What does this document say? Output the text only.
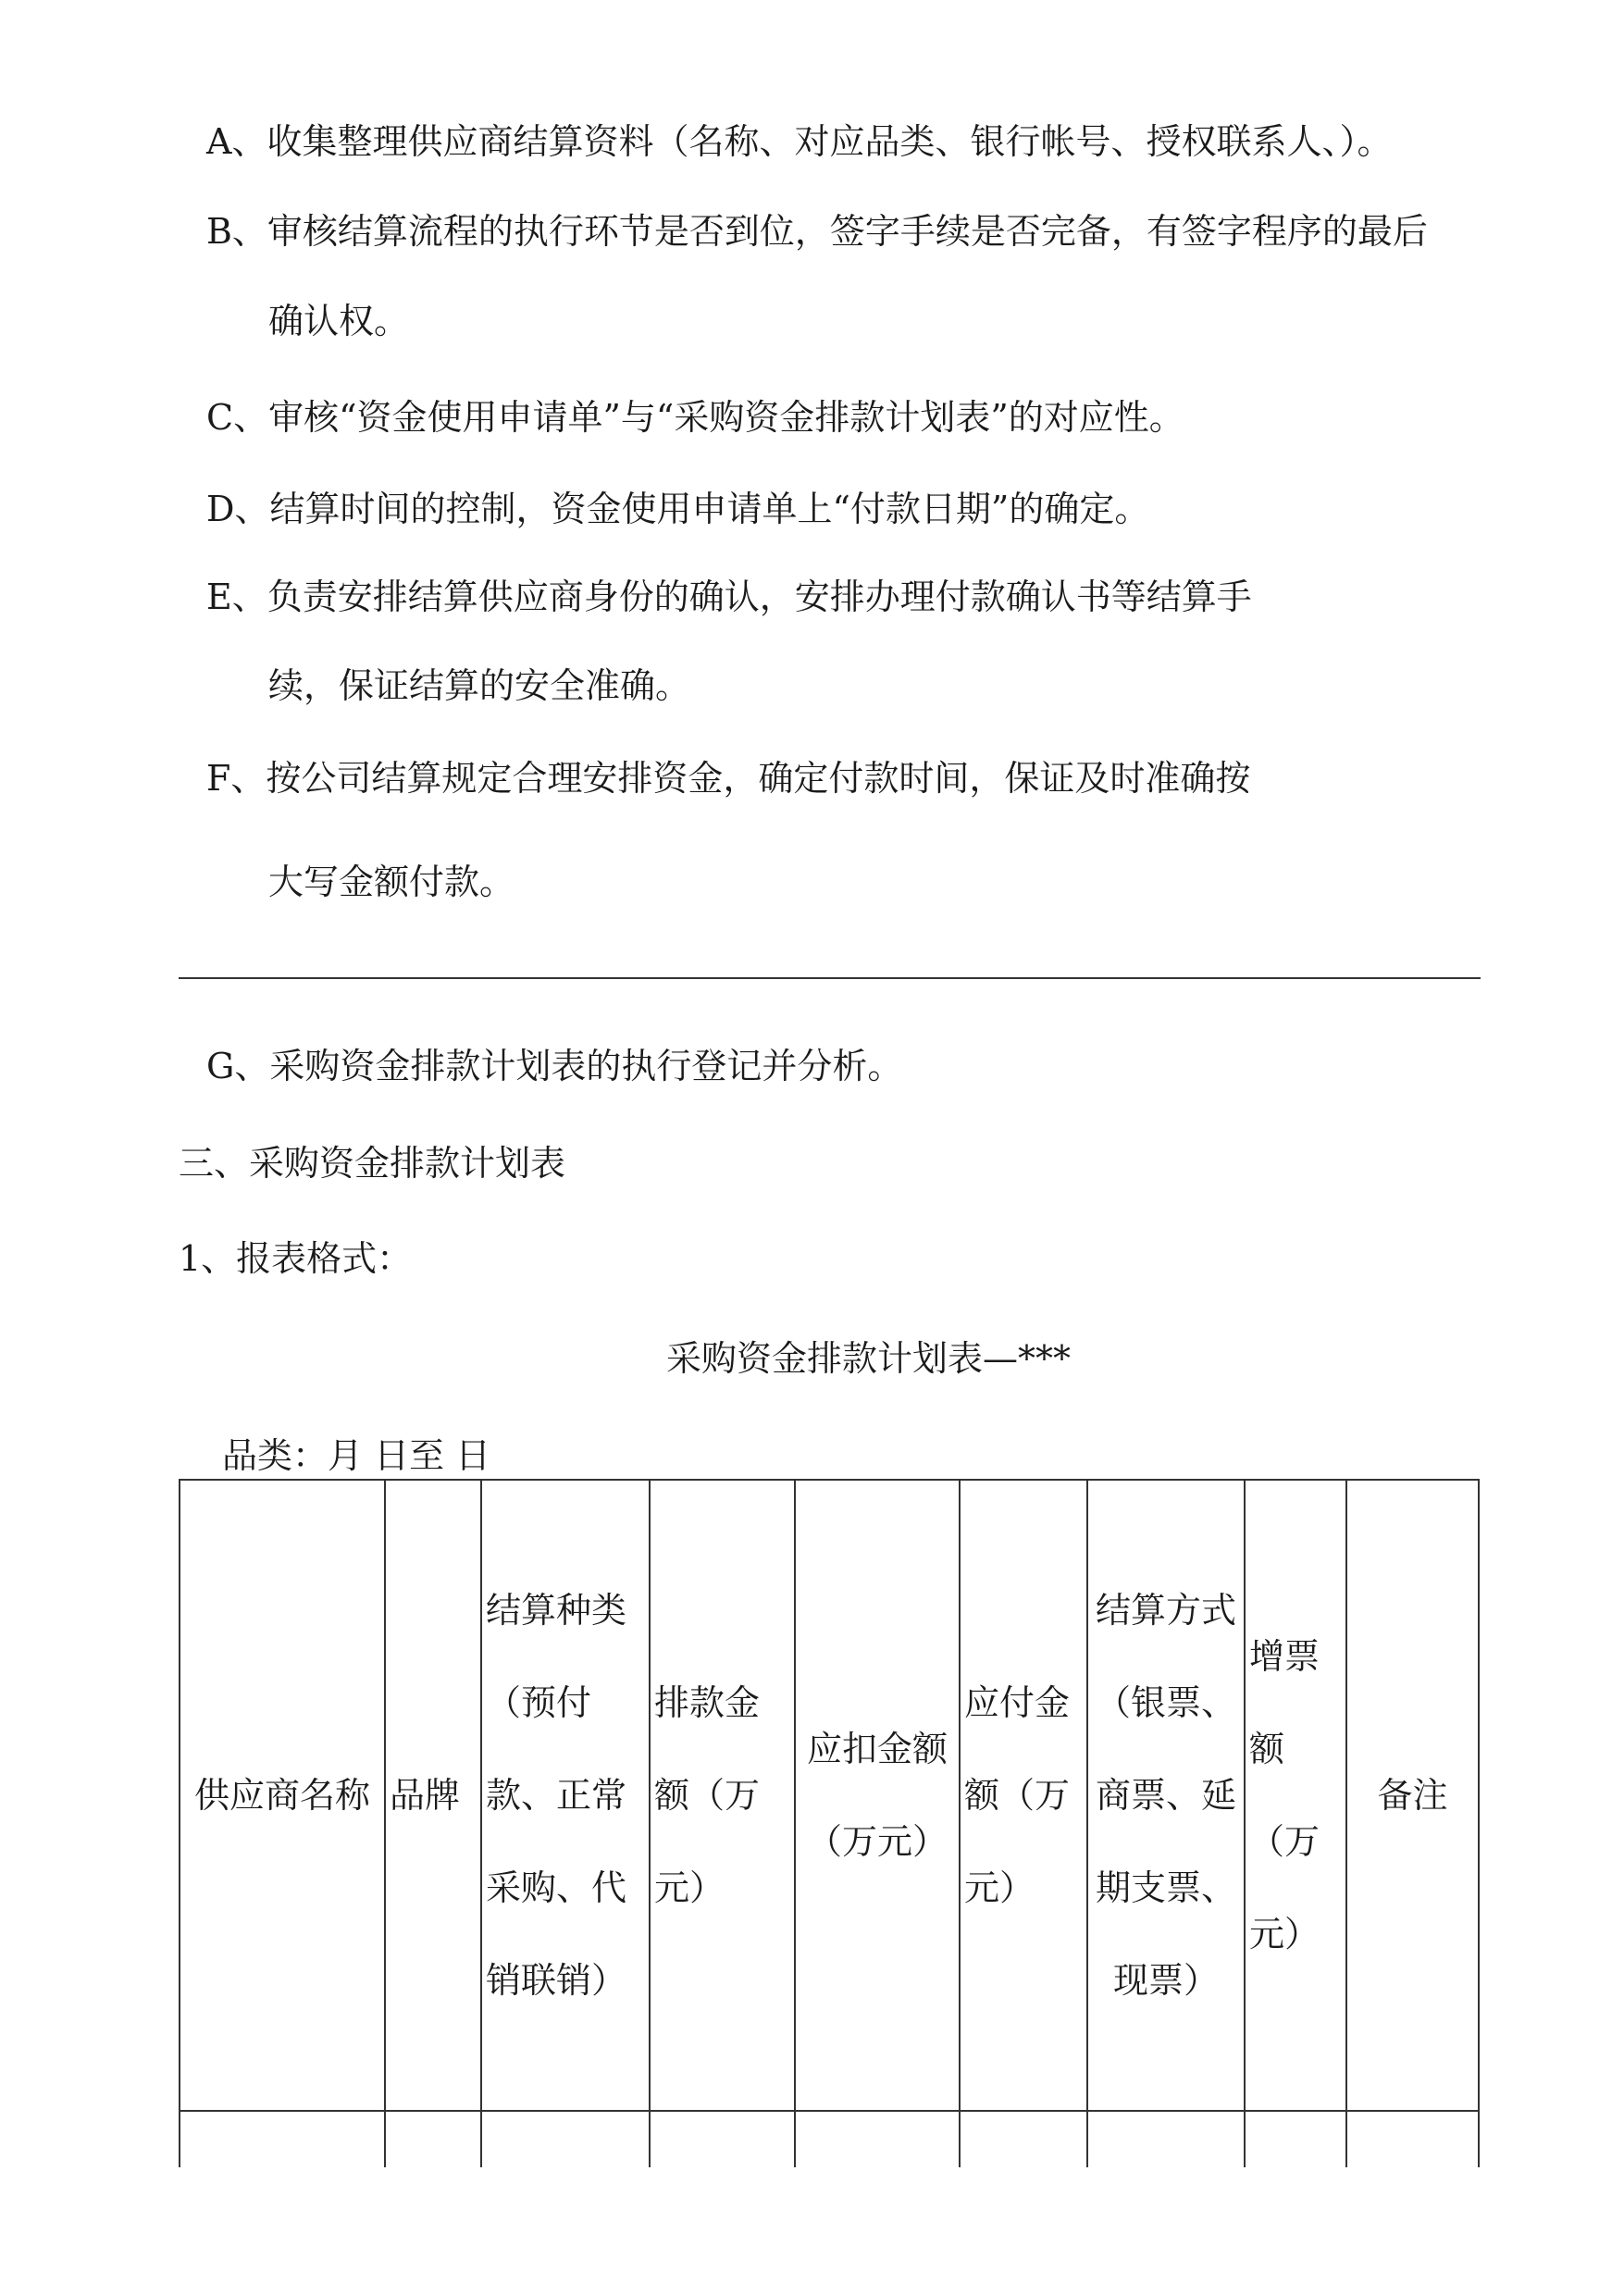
A、收集整理供应商结算资料（名称、对应品类、银行帐号、授权联系人、）。
B、审核结算流程的执行环节是否到位，签字手续是否完备，有签字程序的最后
确认权。
C、审核“资金使用申请单”与“采购资金排款计划表”的对应性。
D、结算时间的控制，资金使用申请单上“付款日期”的确定。
E、负责安排结算供应商身份的确认，安排办理付款确认书等结算手
续，保证结算的安全准确。
F、按公司结算规定合理安排资金，确定付款时间，保证及时准确按
大写金额付款。
G、采购资金排款计划表的执行登记并分析。
三、采购资金排款计划表
1、报表格式：
采购资金排款计划表—***
品类：月 日至 日
供应商名称	品牌	结算种类（预付款、正常采购、代销联销）	排款金额（万元）	应扣金额（万元）	应付金额（万元）	结算方式（银票、商票、延期支票、现票）	增票额（万元）	备注
